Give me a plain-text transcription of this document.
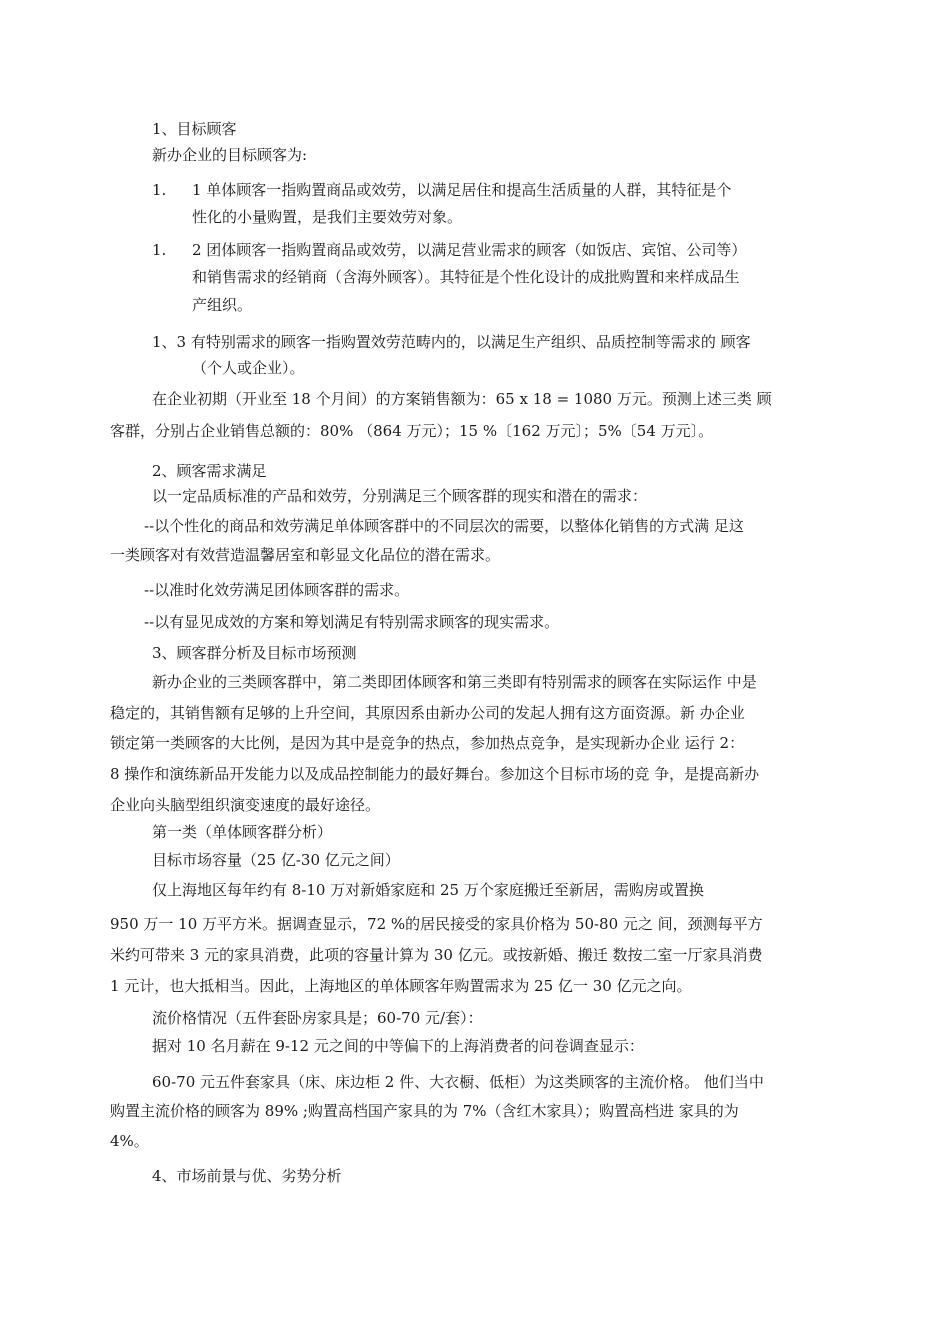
1、目标顾客
新办企业的目标顾客为:
1. 1 单体顾客一指购置商品或效劳，以满足居住和提高生活质量的人群，其特征是个
性化的小量购置，是我们主要效劳对象。
1. 2 团体顾客一指购置商品或效劳，以满足营业需求的顾客（如饭店、宾馆、公司等）
和销售需求的经销商（含海外顾客）。其特征是个性化设计的成批购置和来样成品生
产组织。
1、3 有特别需求的顾客一指购置效劳范畴内的，以满足生产组织、品质控制等需求的 顾客
（个人或企业）。
在企业初期（开业至 18 个月间）的方案销售额为：65 x 18 = 1080 万元。预测上述三类 顾
客群，分别占企业销售总额的：80% （864 万元）；15 %〔162 万元〕；5%〔54 万元〕。
2、顾客需求满足
以一定品质标准的产品和效劳，分别满足三个顾客群的现实和潜在的需求：
--以个性化的商品和效劳满足单体顾客群中的不同层次的需要，以整体化销售的方式满 足这
一类顾客对有效营造温馨居室和彰显文化品位的潜在需求。
--以准时化效劳满足团体顾客群的需求。
--以有显见成效的方案和筹划满足有特别需求顾客的现实需求。
3、顾客群分析及目标市场预测
新办企业的三类顾客群中，第二类即团体顾客和第三类即有特别需求的顾客在实际运作 中是
稳定的，其销售额有足够的上升空间，其原因系由新办公司的发起人拥有这方面资源。新 办企业
锁定第一类顾客的大比例，是因为其中是竞争的热点，参加热点竞争，是实现新办企业 运行 2：
8 操作和演练新品开发能力以及成品控制能力的最好舞台。参加这个目标市场的竞 争，是提高新办
企业向头脑型组织演变速度的最好途径。
第一类（单体顾客群分析）
目标市场容量（25 亿-30 亿元之间）
仅上海地区每年约有 8-10 万对新婚家庭和 25 万个家庭搬迁至新居，需购房或置换
950 万一 10 万平方米。据调查显示，72 %的居民接受的家具价格为 50-80 元之 间，颈测每平方
米约可带来 3 元的家具消费，此项的容量计算为 30 亿元。或按新婚、搬迁 数按二室一厅家具消费
1 元计，也大抵相当。因此，上海地区的单体顾客年购置需求为 25 亿一 30 亿元之向。
流价格情况（五件套卧房家具是；60-70 元/套）：
据对 10 名月薪在 9-12 元之间的中等偏下的上海消费者的问卷调查显示：
60-70 元五件套家具（床、床边柜 2 件、大衣橱、低柜）为这类顾客的主流价格。 他们当中
购置主流价格的顾客为 89% ;购置高档国产家具的为 7%（含红木家具）；购置高档进 家具的为
4%。
4、市场前景与优、劣势分析
